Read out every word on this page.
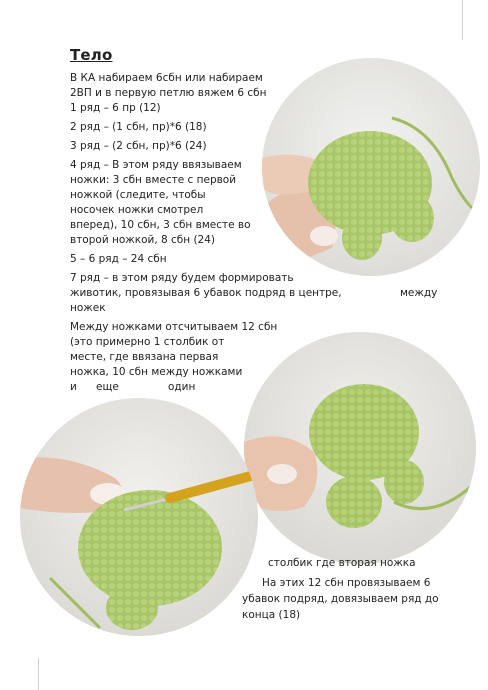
Тело
В КА набираем 6сбн или набираем
2ВП и в первую петлю вяжем 6 сбн
1 ряд – 6 пр (12)
2 ряд – (1 сбн, пр)*6 (18)
3 ряд – (2 сбн, пр)*6 (24)
4 ряд – В этом ряду ввязываем
ножки: 3 сбн вместе с первой
ножкой (следите, чтобы
носочек ножки смотрел
вперед), 10 сбн, 3 сбн вместе во
второй ножкой, 8 сбн (24)
5 – 6 ряд – 24 сбн
7 ряд – в этом ряду будем формировать
животик, провязывая 6 убавок подряд в центре,	между
ножек
Между ножками отсчитываем 12 сбн
(это примерно 1 столбик от
месте, где ввязана первая
ножка, 10 сбн между ножками
и еще	один
столбик где вторая ножка
На этих 12 сбн провязываем 6
убавок подряд, довязываем ряд до
конца (18)
